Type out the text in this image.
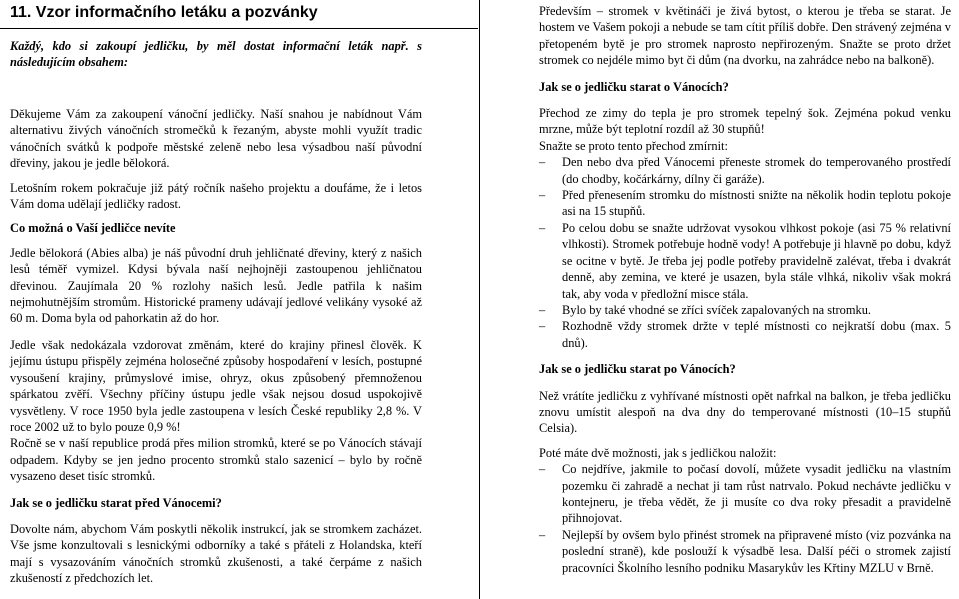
11. Vzor informačního letáku a pozvánky

Každý, kdo si zakoupí jedličku, by měl dostat informační leták např. s následujícím obsahem:

Děkujeme Vám za zakoupení vánoční jedličky. Naší snahou je nabídnout Vám alternativu živých vánočních stromečků k řezaným, abyste mohli využít tradic vánočních svátků k podpoře městské zeleně nebo lesa výsadbou naší původní dřeviny, jakou je jedle bělokorá.

Letošním rokem pokračuje již pátý ročník našeho projektu a doufáme, že i letos Vám doma udělají jedličky radost.

Co možná o Vaší jedličce nevíte

Jedle bělokorá (Abies alba) je náš původní druh jehličnaté dřeviny, který z našich lesů téměř vymizel. Kdysi bývala naší nejhojněji zastoupenou jehličnatou dřevinou. Zaujímala 20 % rozlohy našich lesů. Jedle patřila k našim nejmohutnějším stromům. Historické prameny udávají jedlové velikány vysoké až 60 m. Doma byla od pahorkatin až do hor.

Jedle však nedokázala vzdorovat změnám, které do krajiny přinesl člověk. K jejímu ústupu přispěly zejména holosečné způsoby hospodaření v lesích, postupné vysoušení krajiny, průmyslové imise, ohryz, okus způsobený přemnoženou spárkatou zvěří. Všechny příčiny ústupu jedle však nejsou dosud uspokojivě vysvětleny. V roce 1950 byla jedle zastoupena v lesích České republiky 2,8 %. V roce 2002 už to bylo pouze 0,9 %!

Ročně se v naší republice prodá přes milion stromků, které se po Vánocích stávají odpadem. Kdyby se jen jedno procento stromků stalo sazenicí – bylo by ročně vysazeno deset tisíc stromků.

Jak se o jedličku starat před Vánocemi?

Dovolte nám, abychom Vám poskytli několik instrukcí, jak se stromkem zacházet. Vše jsme konzultovali s lesnickými odborníky a také s přáteli z Holandska, kteří mají s vysazováním vánočních stromků zkušenosti, a také čerpáme z našich zkušeností z předchozích let.

Především – stromek v květináči je živá bytost, o kterou je třeba se starat. Je hostem ve Vašem pokoji a nebude se tam cítit příliš dobře. Den strávený zejména v přetopeném bytě je pro stromek naprosto nepřirozeným. Snažte se proto držet stromek co nejdéle mimo byt či dům (na dvorku, na zahrádce nebo na balkoně).

Jak se o jedličku starat o Vánocích?

Přechod ze zimy do tepla je pro stromek tepelný šok. Zejména pokud venku mrzne, může být teplotní rozdíl až 30 stupňů!

Snažte se proto tento přechod zmírnit:

– Den nebo dva před Vánocemi přeneste stromek do temperovaného prostředí (do chodby, kočárkárny, dílny či garáže).
– Před přenesením stromku do místnosti snižte na několik hodin teplotu pokoje asi na 15 stupňů.
– Po celou dobu se snažte udržovat vysokou vlhkost pokoje (asi 75 % relativní vlhkosti). Stromek potřebuje hodně vody! A potřebuje ji hlavně po dobu, když se ocitne v bytě. Je třeba jej podle potřeby pravidelně zalévat, třeba i dvakrát denně, aby zemina, ve které je usazen, byla stále vlhká, nikoliv však mokrá tak, aby voda v předložní misce stála.
– Bylo by také vhodné se zříci svíček zapalovaných na stromku.
– Rozhodně vždy stromek držte v teplé místnosti co nejkratší dobu (max. 5 dnů).

Jak se o jedličku starat po Vánocích?

Než vrátíte jedličku z vyhřívané místnosti opět nafrkal na balkon, je třeba jedličku znovu umístit alespoň na dva dny do temperované místnosti (10–15 stupňů Celsia).

Poté máte dvě možnosti, jak s jedličkou naložit:

– Co nejdříve, jakmile to počasí dovolí, můžete vysadit jedličku na vlastním pozemku či zahradě a nechat ji tam růst natrvalo. Pokud nechávte jedličku v kontejneru, je třeba vědět, že ji musíte co dva roky přesadit a pravidelně přihnojovat.
– Nejlepší by ovšem bylo přinést stromek na připravené místo (viz pozvánka na poslední straně), kde poslouží k výsadbě lesa. Další péči o stromek zajistí pracovníci Školního lesního podniku Masarykův les Křtiny MZLU v Brně.
